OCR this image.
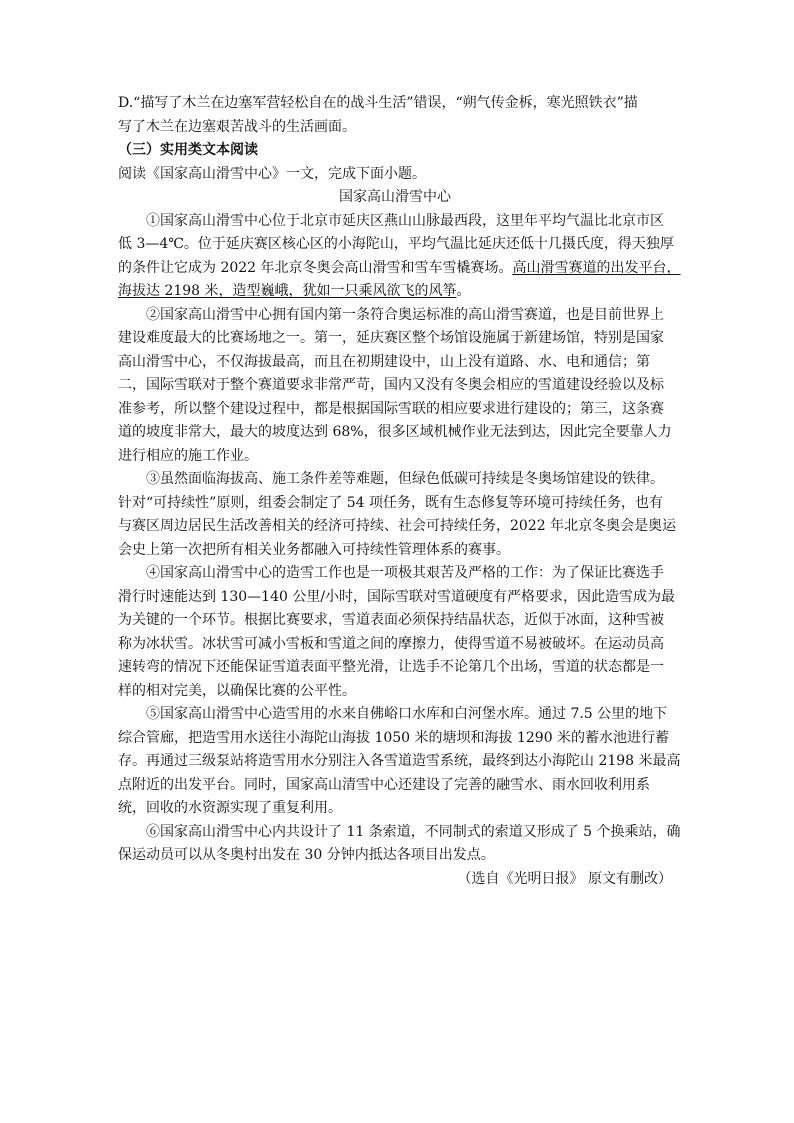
D.“描写了木兰在边塞军营轻松自在的战斗生活”错误，“朔气传金柝，寒光照铁衣”描
写了木兰在边塞艰苦战斗的生活画面。
（三）实用类文本阅读
阅读《国家高山滑雪中心》一文，完成下面小题。
国家高山滑雪中心
①国家高山滑雪中心位于北京市延庆区燕山山脉最西段，这里年平均气温比北京市区
低 3—4℃。位于延庆赛区核心区的小海陀山，平均气温比延庆还低十几摄氏度，得天独厚
的条件让它成为 2022 年北京冬奥会高山滑雪和雪车雪橇赛场。高山滑雪赛道的出发平台，
海拔达 2198 米，造型巍峨，犹如一只乘风欲飞的风筝。
②国家高山滑雪中心拥有国内第一条符合奥运标准的高山滑雪赛道，也是目前世界上
建设难度最大的比赛场地之一。第一，延庆赛区整个场馆设施属于新建场馆，特别是国家
高山滑雪中心，不仅海拔最高，而且在初期建设中，山上没有道路、水、电和通信；第
二，国际雪联对于整个赛道要求非常严苛，国内又没有冬奥会相应的雪道建设经验以及标
准参考，所以整个建设过程中，都是根据国际雪联的相应要求进行建设的；第三，这条赛
道的坡度非常大，最大的坡度达到 68%，很多区域机械作业无法到达，因此完全要靠人力
进行相应的施工作业。
③虽然面临海拔高、施工条件差等难题，但绿色低碳可持续是冬奥场馆建设的铁律。
针对“可持续性”原则，组委会制定了 54 项任务，既有生态修复等环境可持续任务，也有
与赛区周边居民生活改善相关的经济可持续、社会可持续任务，2022 年北京冬奥会是奥运
会史上第一次把所有相关业务都融入可持续性管理体系的赛事。
④国家高山滑雪中心的造雪工作也是一项极其艰苦及严格的工作：为了保证比赛选手
滑行时速能达到 130—140 公里/小时，国际雪联对雪道硬度有严格要求，因此造雪成为最
为关键的一个环节。根据比赛要求，雪道表面必须保持结晶状态，近似于冰面，这种雪被
称为冰状雪。冰状雪可减小雪板和雪道之间的摩擦力，使得雪道不易被破坏。在运动员高
速转弯的情况下还能保证雪道表面平整光滑，让选手不论第几个出场，雪道的状态都是一
样的相对完美，以确保比赛的公平性。
⑤国家高山滑雪中心造雪用的水来自佛峪口水库和白河堡水库。通过 7.5 公里的地下
综合管廊，把造雪用水送往小海陀山海拔 1050 米的塘坝和海拔 1290 米的蓄水池进行蓄
存。再通过三级泵站将造雪用水分别注入各雪道造雪系统，最终到达小海陀山 2198 米最高
点附近的出发平台。同时，国家高山清雪中心还建设了完善的融雪水、雨水回收利用系
统，回收的水资源实现了重复利用。
⑥国家高山滑雪中心内共设计了 11 条索道，不同制式的索道又形成了 5 个换乘站，确
保运动员可以从冬奥村出发在 30 分钟内抵达各项目出发点。
（选自《光明日报》 原文有删改）
